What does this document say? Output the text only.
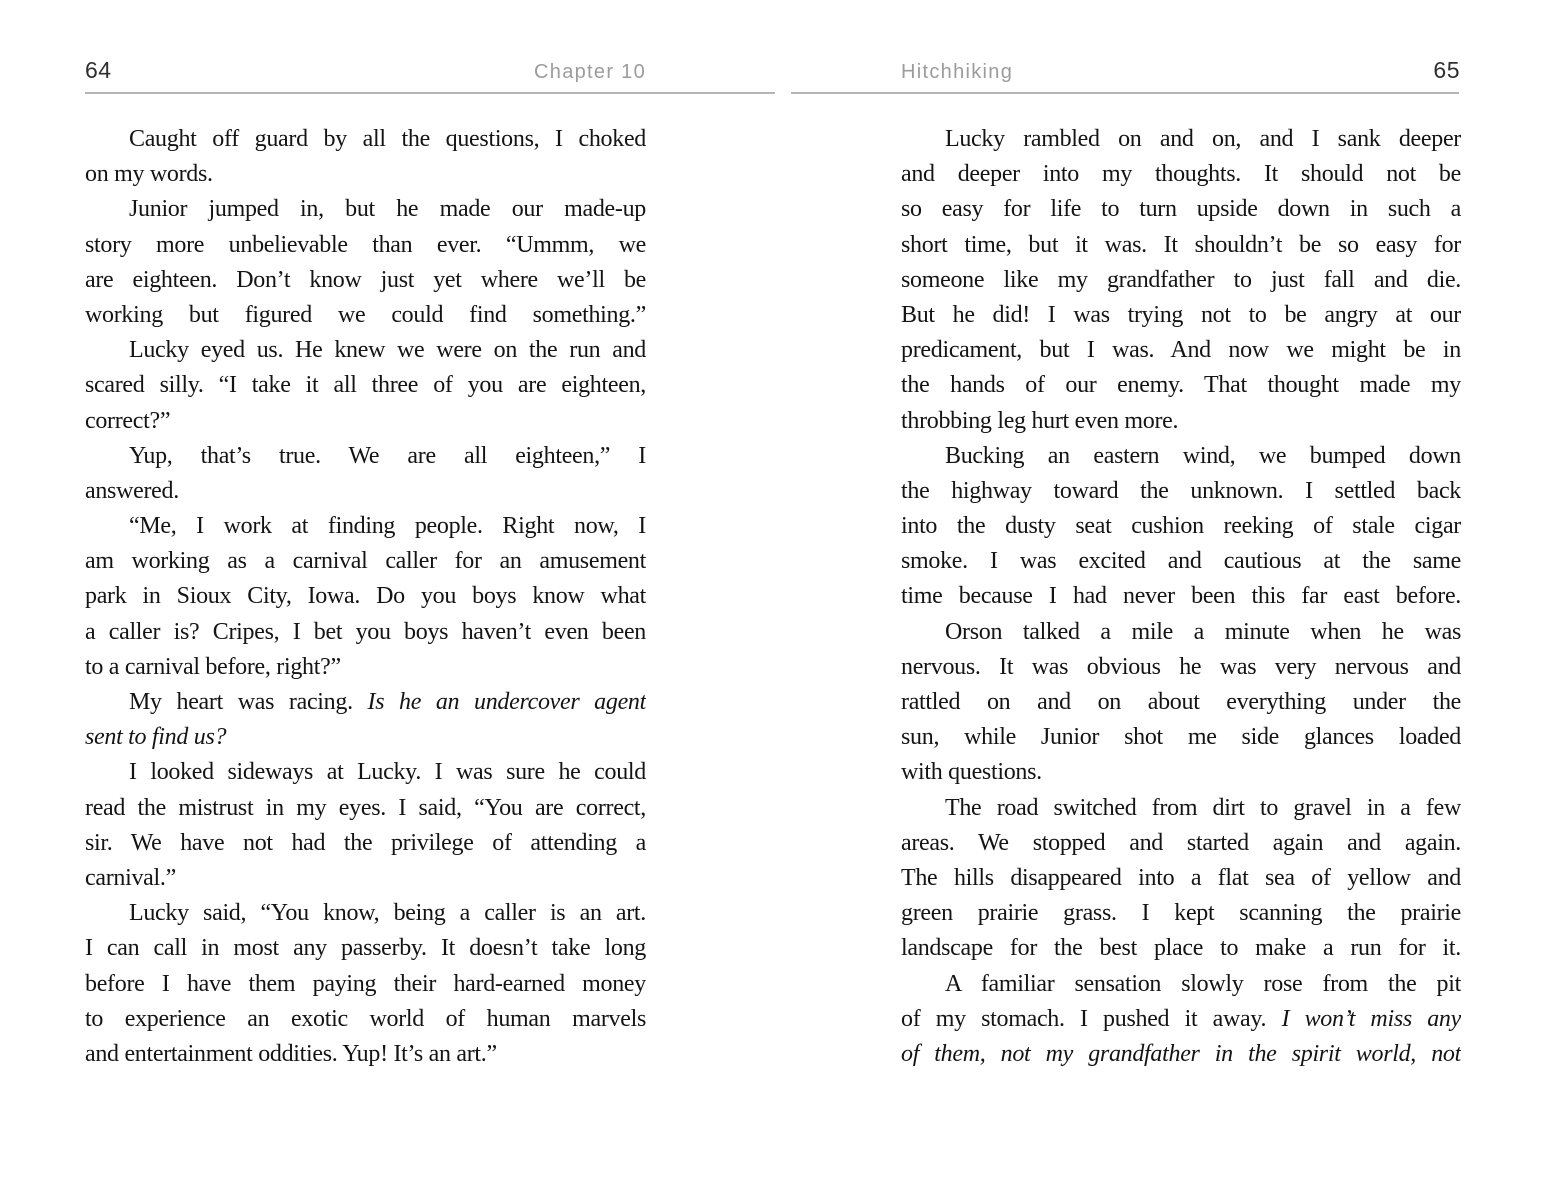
64	Chapter 10	Hitchhiking	65
Caught off guard by all the questions, I choked
on my words.
Junior jumped in, but he made our made-up
story more unbelievable than ever. “Ummm, we
are eighteen. Don’t know just yet where we’ll be
working but figured we could find something.”
Lucky eyed us. He knew we were on the run and
scared silly. “I take it all three of you are eighteen,
correct?”
Yup, that’s true. We are all eighteen,” I
answered.
“Me, I work at finding people. Right now, I
am working as a carnival caller for an amusement
park in Sioux City, Iowa. Do you boys know what
a caller is? Cripes, I bet you boys haven’t even been
to a carnival before, right?”
My heart was racing. Is he an undercover agent
sent to find us?
I looked sideways at Lucky. I was sure he could
read the mistrust in my eyes. I said, “You are correct,
sir. We have not had the privilege of attending a
carnival.”
Lucky said, “You know, being a caller is an art.
I can call in most any passerby. It doesn’t take long
before I have them paying their hard-earned money
to experience an exotic world of human marvels
and entertainment oddities. Yup! It’s an art.”
Lucky rambled on and on, and I sank deeper
and deeper into my thoughts. It should not be
so easy for life to turn upside down in such a
short time, but it was. It shouldn’t be so easy for
someone like my grandfather to just fall and die.
But he did! I was trying not to be angry at our
predicament, but I was. And now we might be in
the hands of our enemy. That thought made my
throbbing leg hurt even more.
Bucking an eastern wind, we bumped down
the highway toward the unknown. I settled back
into the dusty seat cushion reeking of stale cigar
smoke. I was excited and cautious at the same
time because I had never been this far east before.
Orson talked a mile a minute when he was
nervous. It was obvious he was very nervous and
rattled on and on about everything under the
sun, while Junior shot me side glances loaded
with questions.
The road switched from dirt to gravel in a few
areas. We stopped and started again and again.
The hills disappeared into a flat sea of yellow and
green prairie grass. I kept scanning the prairie
landscape for the best place to make a run for it.
A familiar sensation slowly rose from the pit
of my stomach. I pushed it away. I won’t miss any
of them, not my grandfather in the spirit world, not
